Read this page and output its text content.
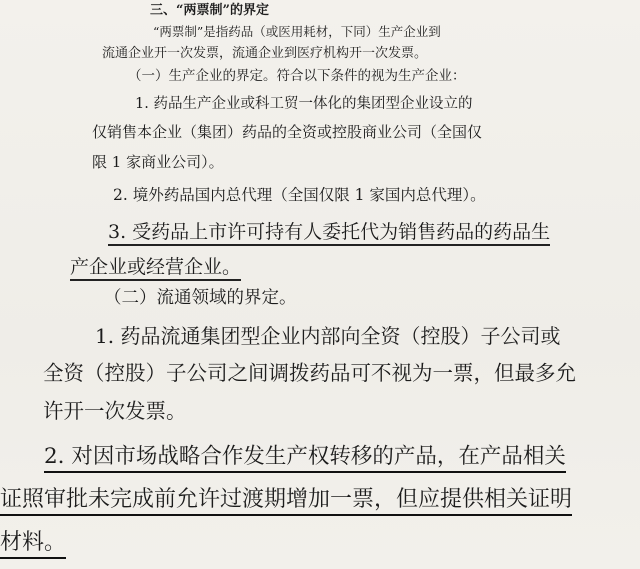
三、“两票制”的界定
“两票制”是指药品（或医用耗材，下同）生产企业到
流通企业开一次发票，流通企业到医疗机构开一次发票。
（一）生产企业的界定。符合以下条件的视为生产企业：
1. 药品生产企业或科工贸一体化的集团型企业设立的
仅销售本企业（集团）药品的全资或控股商业公司（全国仅
限 1 家商业公司）。
2. 境外药品国内总代理（全国仅限 1 家国内总代理）。
3. 受药品上市许可持有人委托代为销售药品的药品生
产企业或经营企业。
（二）流通领域的界定。
1. 药品流通集团型企业内部向全资（控股）子公司或
全资（控股）子公司之间调拨药品可不视为一票，但最多允
许开一次发票。
2. 对因市场战略合作发生产权转移的产品，在产品相关
证照审批未完成前允许过渡期增加一票，但应提供相关证明
材料。
